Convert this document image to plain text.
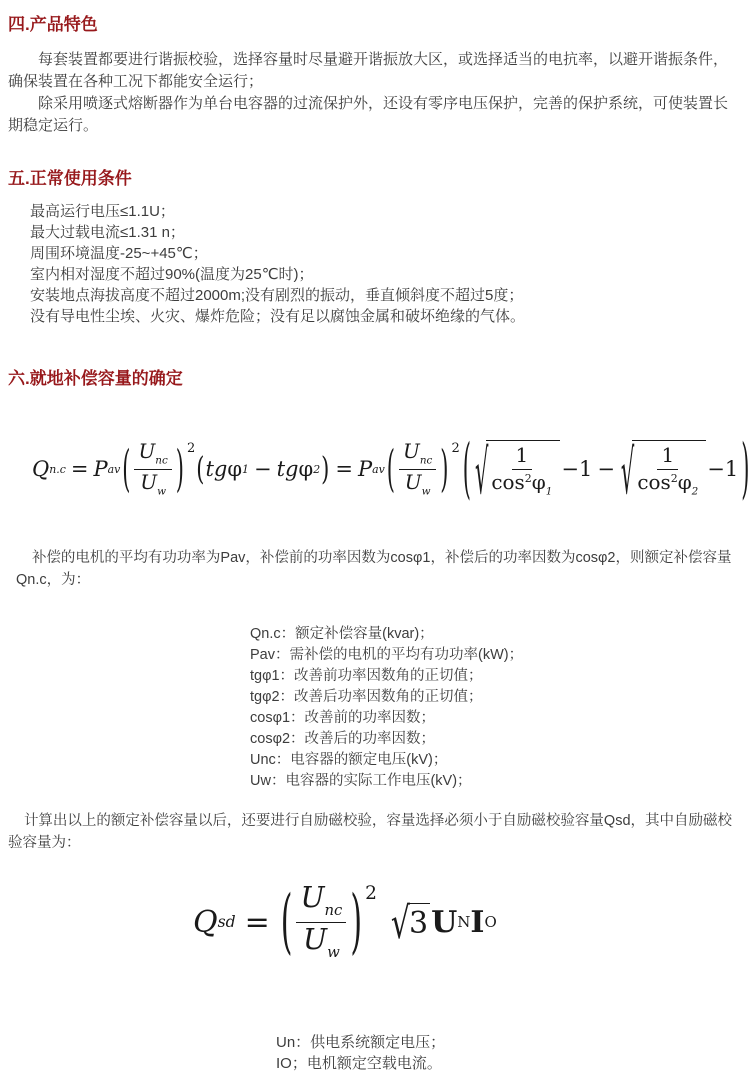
四.产品特色

每套装置都要进行谐振校验，选择容量时尽量避开谐振放大区，或选择适当的电抗率，以避开谐振条件，确保装置在各种工况下都能安全运行；

除采用喷逐式熔断器作为单台电容器的过流保护外，还设有零序电压保护，完善的保护系统，可使装置长期稳定运行。

五.正常使用条件
最高运行电压≤1.1U；
最大过载电流≤1.31 n；
周围环境温度-25~+45℃；
室内相对湿度不超过90%(温度为25℃时)；
安装地点海拔高度不超过2000m;没有剧烈的振动，垂直倾斜度不超过5度；
没有导电性尘埃、火灾、爆炸危险；没有足以腐蚀金属和破坏绝缘的气体。
六.就地补偿容量的确定
Q n.c = P av ( $\frac{U_{nc}}{U_w}$ ) 2
( tg φ 1 − tg φ 2 ) = P av ( $\frac{U_{nc}}{U_w}$ ) 2 ( √ $\frac{1}{\cos^2\varphi_1} - 1$ − √ $\frac{1}{\cos^2\varphi_2} - 1$ )

补偿的电机的平均有功功率为Pav，补偿前的功率因数为cosφ1，补偿后的功率因数为cosφ2，则额定补偿容量Qn.c，为：

Qn.c：额定补偿容量(kvar)；
Pav：需补偿的电机的平均有功功率(kW)；
tgφ1：改善前功率因数角的正切值；
tgφ2：改善后功率因数角的正切值；
cosφ1：改善前的功率因数；
cosφ2：改善后的功率因数；
Unc：电容器的额定电压(kV)；
Uw：电容器的实际工作电压(kV)；

计算出以上的额定补偿容量以后，还要进行自励磁校验，容量选择必须小于自励磁校验容量Qsd，其中自励磁校验容量为：

Q sd = ( $\frac{U_{nc}}{U_w}$ ) 2
√ 3 U N I O
Un：供电系统额定电压；
IO；电机额定空载电流。
